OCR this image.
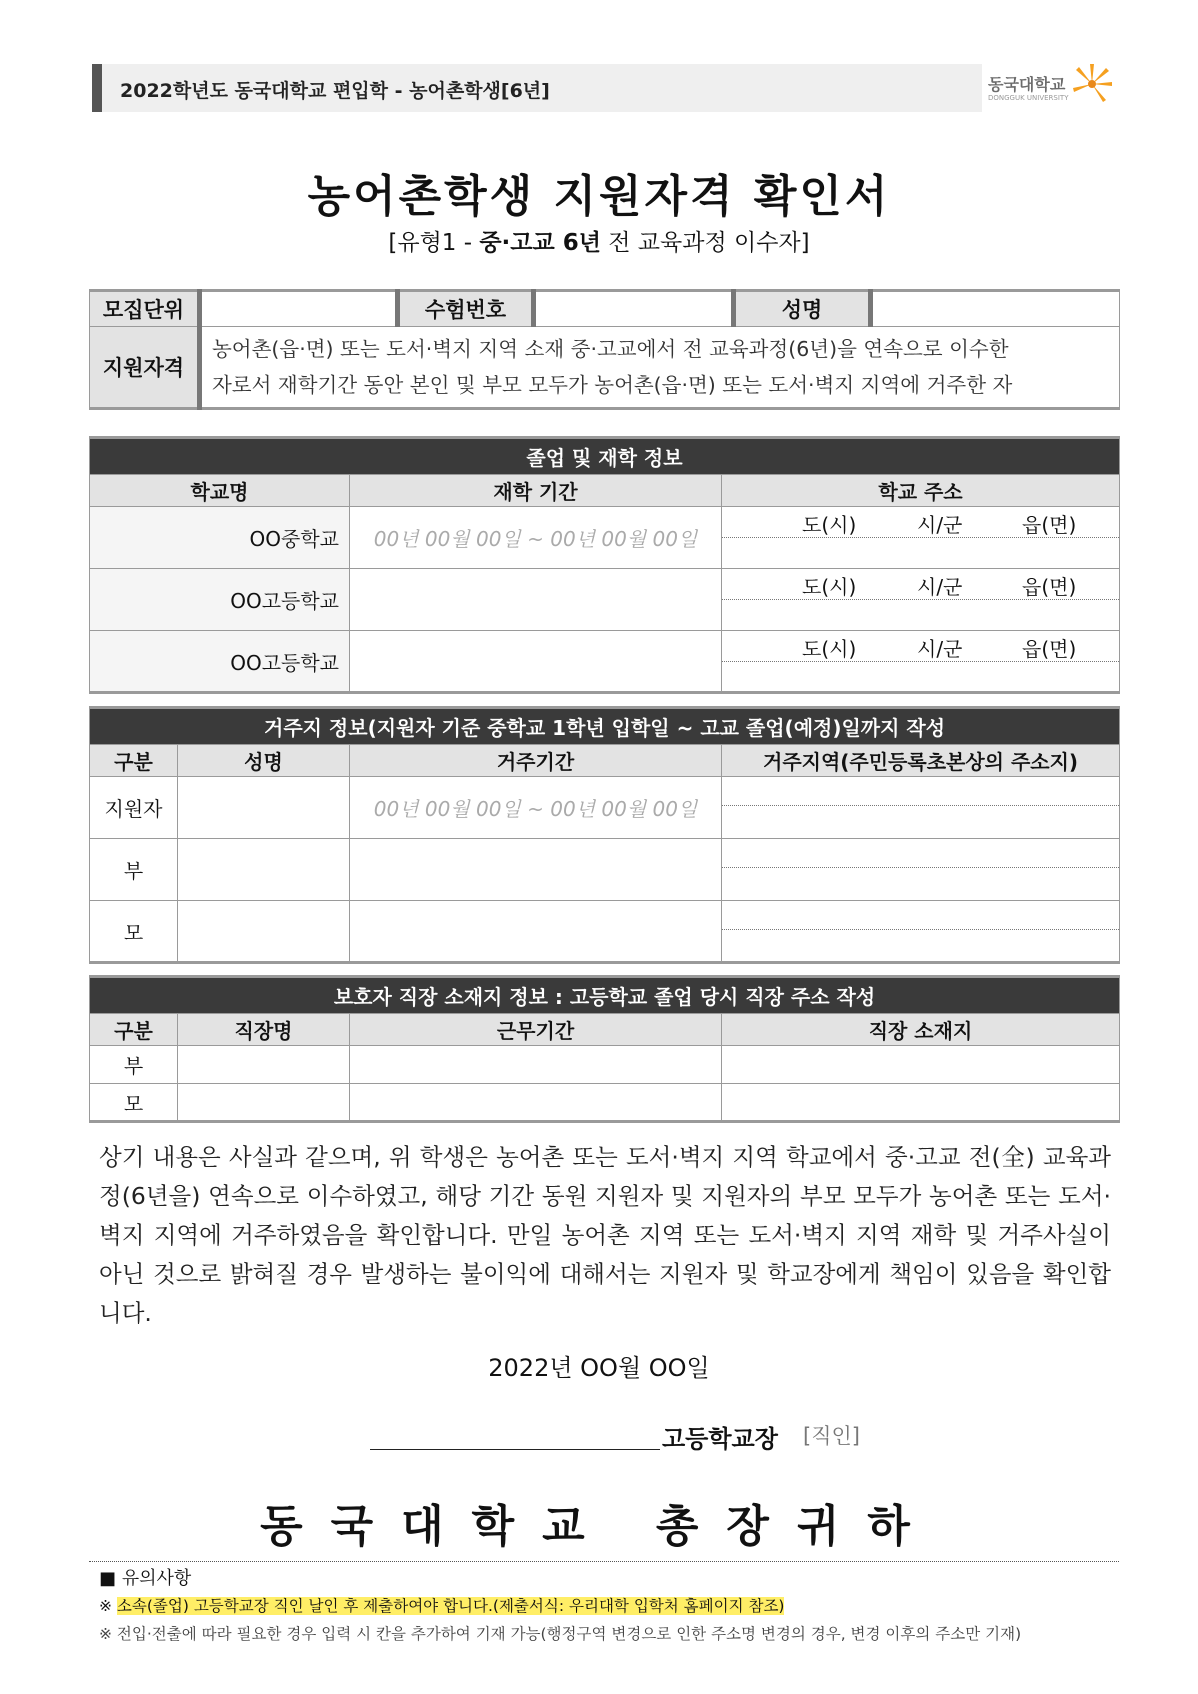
2022학년도 동국대학교 편입학 - 농어촌학생[6년]	동국대학교
DONGGUK UNIVERSITY
농어촌학생 지원자격 확인서
[유형1 - 중·고교 6년 전 교육과정 이수자]
모집단위		수험번호		성명	
지원자격	농어촌(읍·면) 또는 도서·벽지 지역 소재 중·고교에서 전 교육과정(6년)을 연속으로 이수한
자로서 재학기간 동안 본인 및 부모 모두가 농어촌(읍·면) 또는 도서·벽지 지역에 거주한 자				
졸업 및 재학 정보		
학교명	재학 기간	학교 주소
OO중학교	00년 00월 00일 ~ 00년 00월 00일	도(시) 시/군 읍(면)

OO고등학교		도(시) 시/군 읍(면)

OO고등학교		도(시) 시/군 읍(면)
거주지 정보(지원자 기준 중학교 1학년 입학일 ~ 고교 졸업(예정)일까지 작성			
구분	성명	거주기간	거주지역(주민등록초본상의 주소지)
지원자		00년 00월 00일 ~ 00년 00월 00일	

부			

모			
보호자 직장 소재지 정보 : 고등학교 졸업 당시 직장 주소 작성			
구분	직장명	근무기간	직장 소재지
부			
모			
상기 내용은 사실과 같으며, 위 학생은 농어촌 또는 도서·벽지 지역 학교에서 중·고교 전(全) 교육과정(6년을) 연속으로 이수하였고, 해당 기간 동원 지원자 및 지원자의 부모 모두가 농어촌 또는 도서·벽지 지역에 거주하였음을 확인합니다. 만일 농어촌 지역 또는 도서·벽지 지역 재학 및 거주사실이 아닌 것으로 밝혀질 경우 발생하는 불이익에 대해서는 지원자 및 학교장에게 책임이 있음을 확인합니다.
2022년 OO월 OO일
고등학교장 [직인]
동국대학교 총장귀하
■ 유의사항
※ 소속(졸업) 고등학교장 직인 날인 후 제출하여야 합니다.(제출서식: 우리대학 입학처 홈페이지 참조)
※ 전입·전출에 따라 필요한 경우 입력 시 칸을 추가하여 기재 가능(행정구역 변경으로 인한 주소명 변경의 경우, 변경 이후의 주소만 기재)
